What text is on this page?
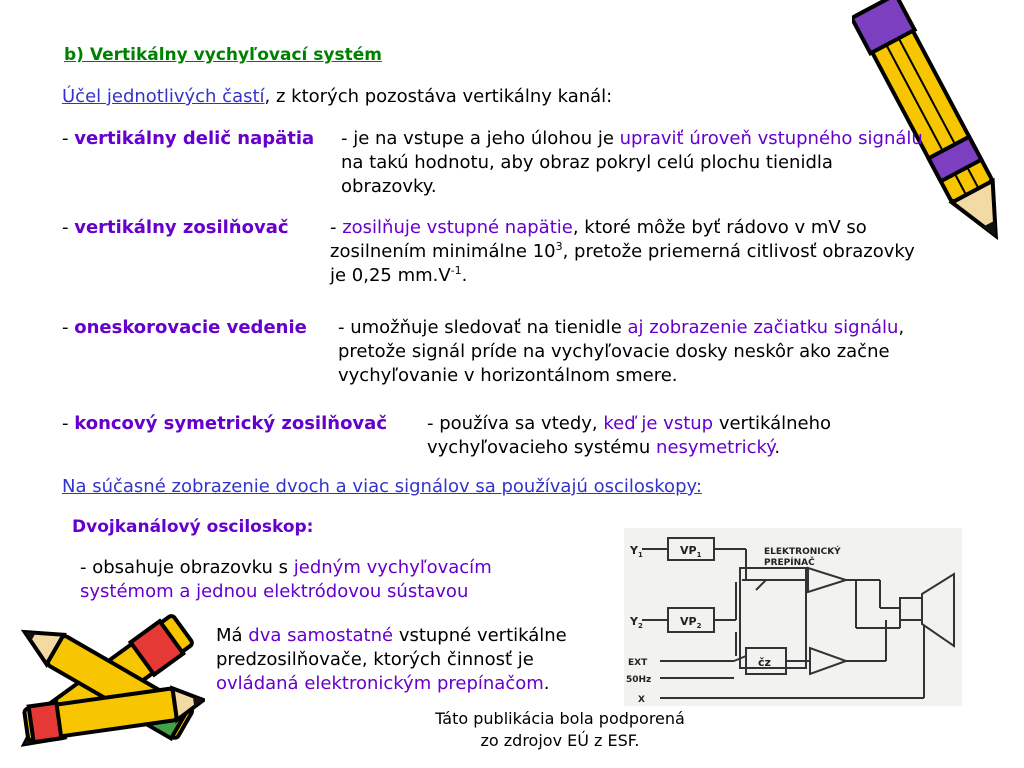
b) Vertikálny vychyľovací systém
Účel jednotlivých častí, z ktorých pozostáva vertikálny kanál:
- vertikálny delič napätia - je na vstupe a jeho úlohou je upraviť úroveň vstupného signálu na takú hodnotu, aby obraz pokryl celú plochu tienidla obrazovky.
- vertikálny zosilňovač - zosilňuje vstupné napätie, ktoré môže byť rádovo v mV so zosilnením minimálne $10^3$, pretože priemerná citlivosť obrazovky je 0,25 $mm.V^{-1}$.
- oneskorovacie vedenie - umožňuje sledovať na tienidle aj zobrazenie začiatku signálu, pretože signál príde na vychyľovacie dosky neskôr ako začne vychyľovanie v horizontálnom smere.
- koncový symetrický zosilňovač - používa sa vtedy, keď je vstup vertikálneho vychyľovacieho systému nesymetrický.
Na súčasné zobrazenie dvoch a viac signálov sa používajú osciloskopy:
Dvojkanálový osciloskop:
- obsahuje obrazovku s jedným vychyľovacím systémom a jednou elektródovou sústavou
Má dva samostatné vstupné vertikálne predzosilňovače, ktorých činnosť je ovládaná elektronickým prepínačom.
Táto publikácia bola podporená
zo zdrojov EÚ z ESF.
$Y_1$
$Y_2$
$VP_1$
$VP_2$
ELEKTRONICKÝ
PREPÍNAČ
čz
EXT
50Hz
X
